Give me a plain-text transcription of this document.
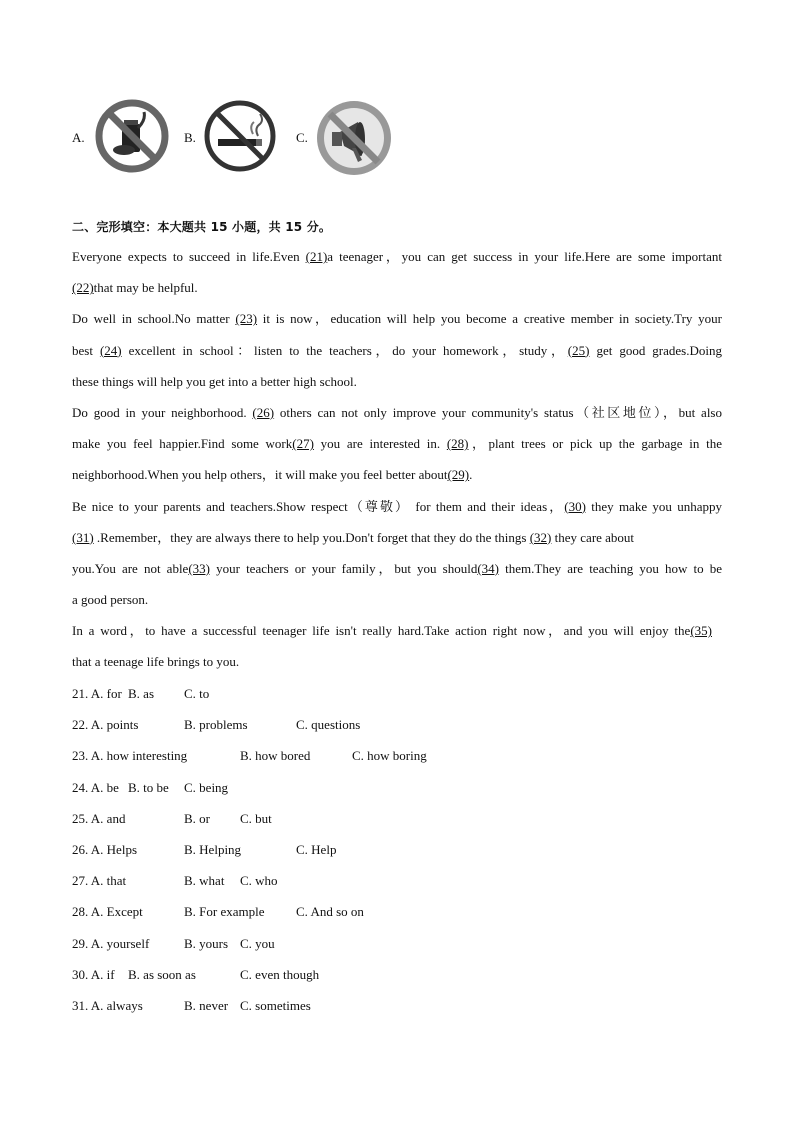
A.	B.	C.
二、完形填空：本大题共 15 小题，共 15 分。
Everyone expects to succeed in life.Even (21)a teenager，you can get success in your life.Here are some important
(22)that may be helpful.
Do well in school.No matter (23) it is now，education will help you become a creative member in society.Try your
best (24) excellent in school：listen to the teachers，do your homework，study，(25) get good grades.Doing
these things will help you get into a better high school.
Do good in your neighborhood. (26) others can not only improve your community's status（社区地位），but also
make you feel happier.Find some work(27) you are interested in. (28)，plant trees or pick up the garbage in the
neighborhood.When you help others，it will make you feel better about(29).
Be nice to your parents and teachers.Show respect（尊敬） for them and their ideas，(30) they make you unhappy
(31) .Remember，they are always there to help you.Don't forget that they do the things (32) they care about
you.You are not able(33) your teachers or your family，but you should(34) them.They are teaching you how to be
a good person.
In a word，to have a successful teenager life isn't really hard.Take action right now，and you will enjoy the(35)
that a teenage life brings to you.
21. A. for B. as C. to
22. A. points	B. problems	C. questions
23. A. how interesting	B. how bored	C. how boring
24. A. be B. to be C. being
25. A. and	B. or C. but
26. A. Helps	B. Helping	C. Help
27. A. that	B. what C. who
28. A. Except	B. For example C. And so on
29. A. yourself	B. yours C. you
30. A. if B. as soon as	C. even though
31. A. always	B. never C. sometimes
